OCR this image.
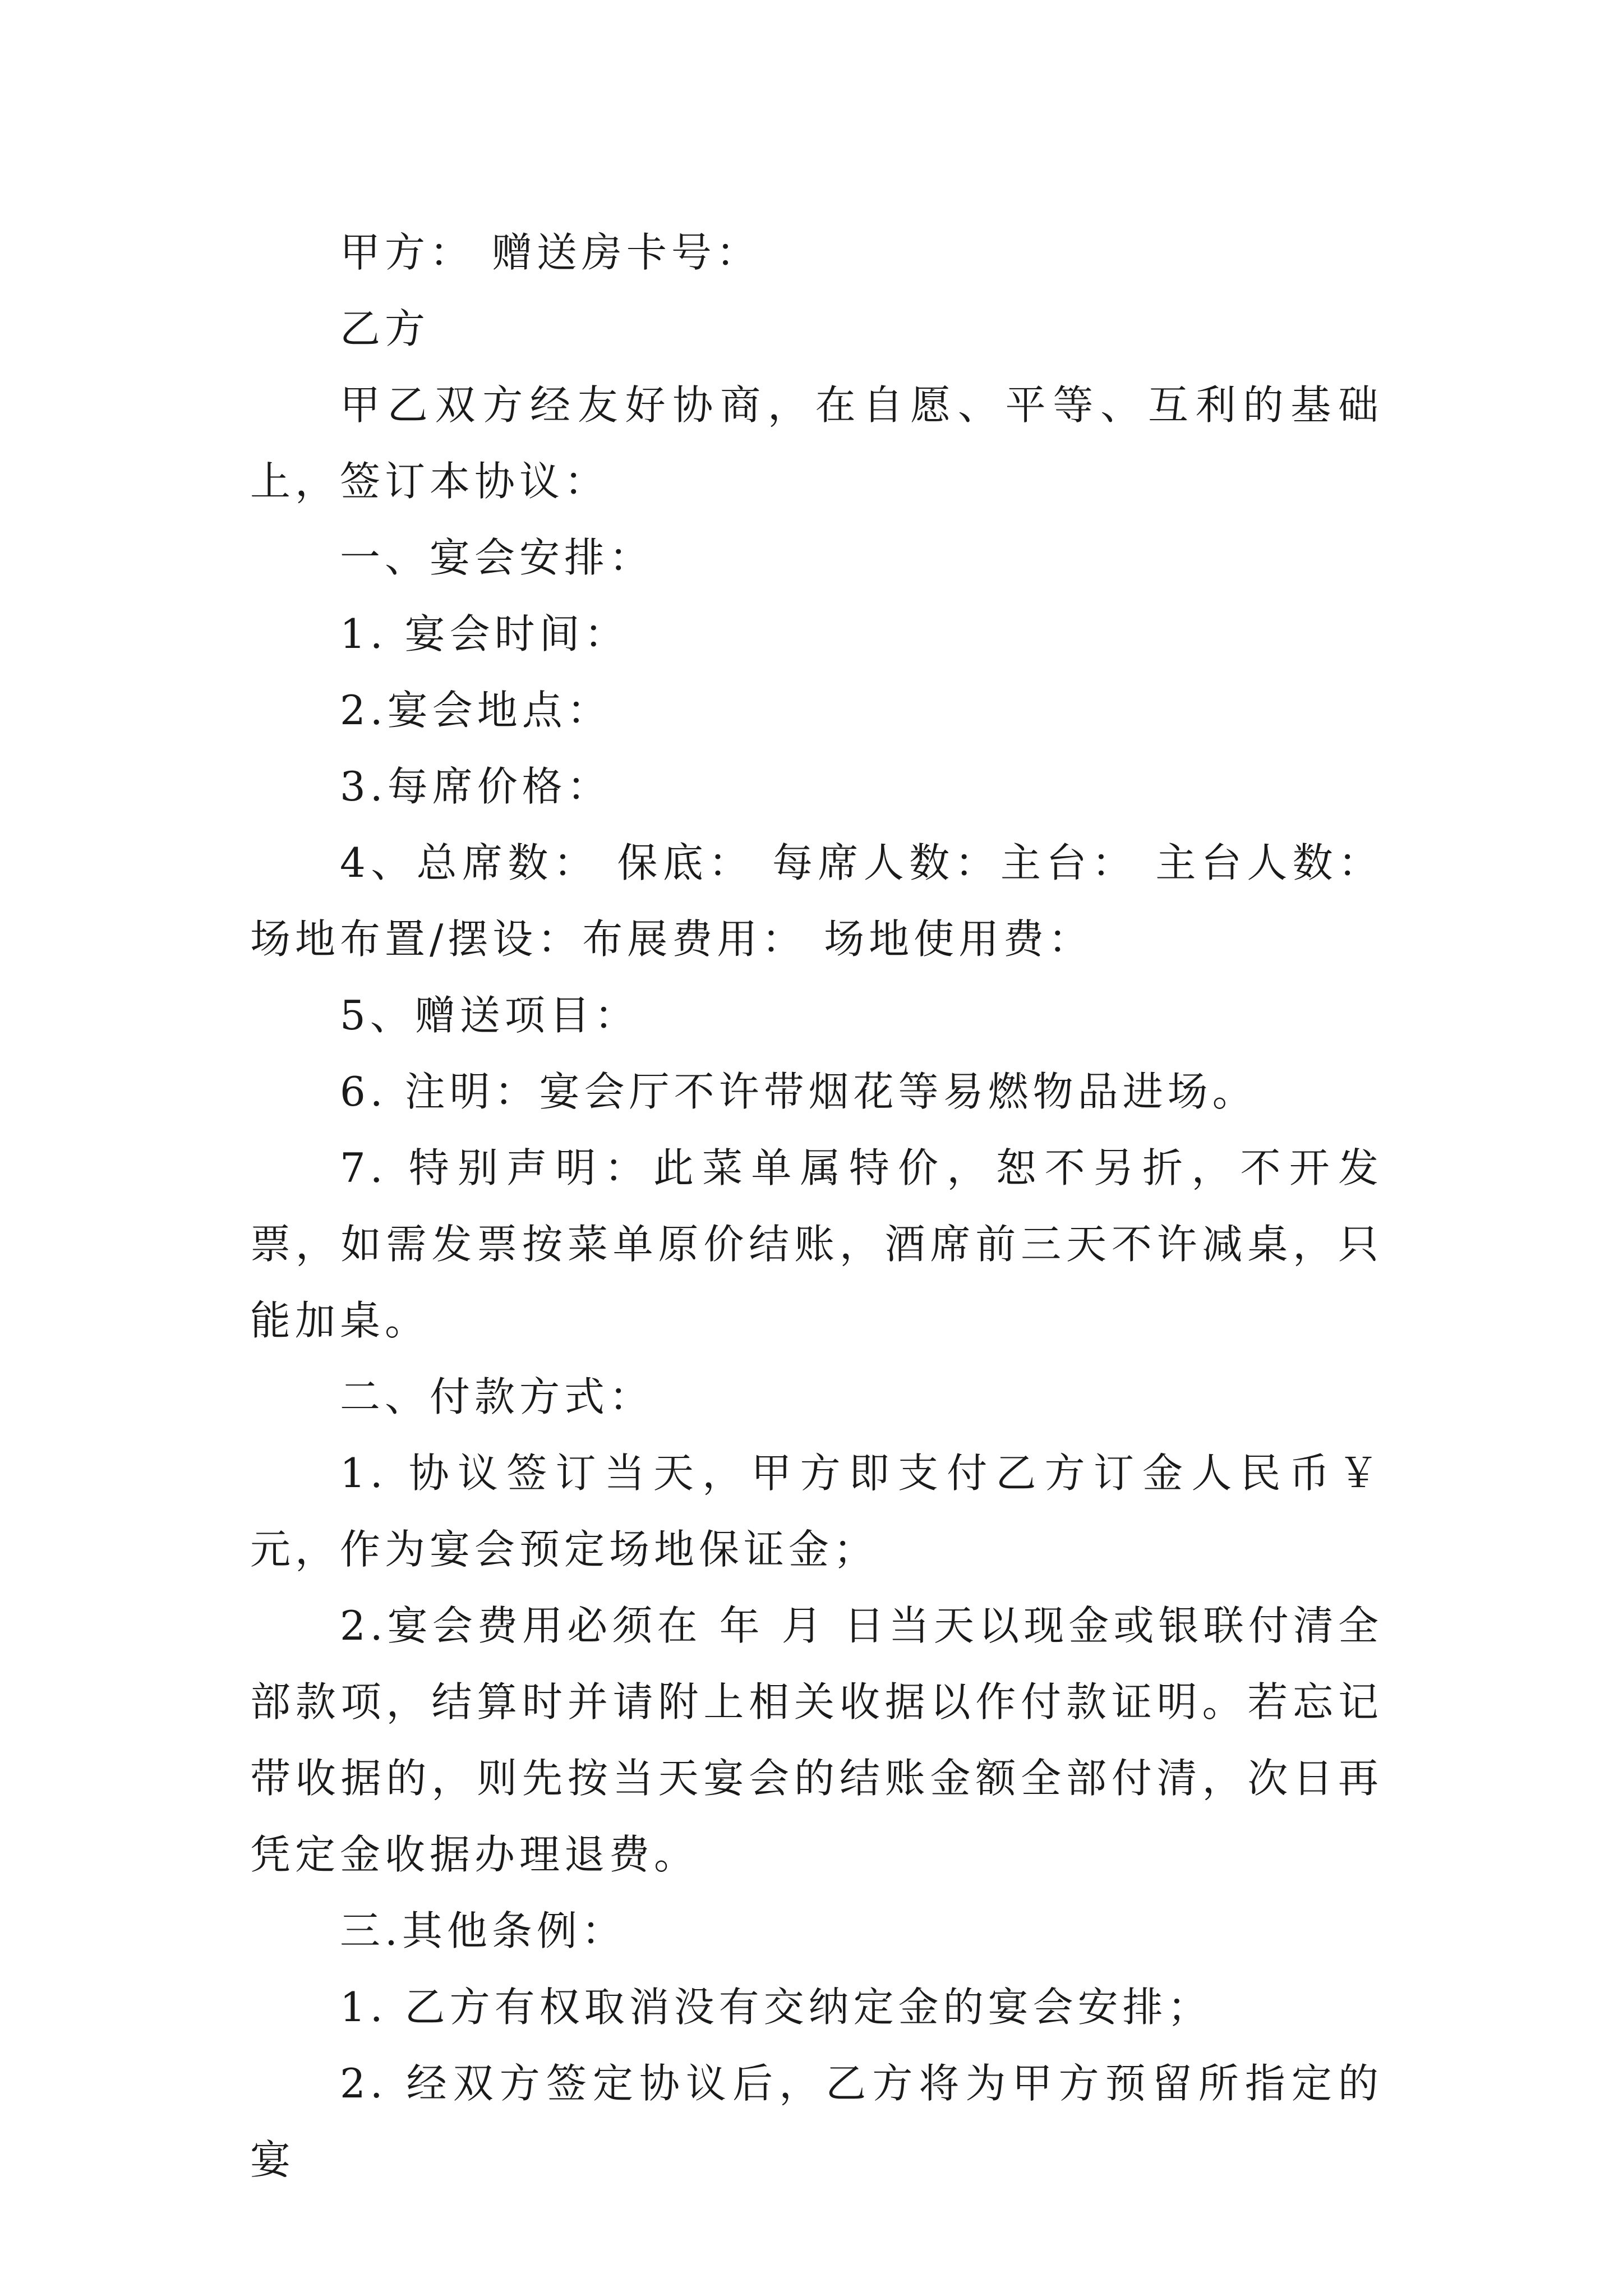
甲方： 赠送房卡号：

乙方

甲乙双方经友好协商，在自愿、平等、互利的基础上，签订本协议：

一、宴会安排：

1. 宴会时间：

2.宴会地点：

3.每席价格：

4、总席数： 保底： 每席人数：主台： 主台人数：场地布置/摆设：布展费用： 场地使用费：

5、赠送项目：

6. 注明：宴会厅不许带烟花等易燃物品进场。

7. 特别声明：此菜单属特价，恕不另折，不开发票，如需发票按菜单原价结账，酒席前三天不许减桌，只能加桌。

二、付款方式：

1. 协议签订当天，甲方即支付乙方订金人民币￥ 元，作为宴会预定场地保证金；

2.宴会费用必须在 年 月 日当天以现金或银联付清全部款项，结算时并请附上相关收据以作付款证明。若忘记带收据的，则先按当天宴会的结账金额全部付清，次日再凭定金收据办理退费。

三.其他条例：

1. 乙方有权取消没有交纳定金的宴会安排；

2. 经双方签定协议后，乙方将为甲方预留所指定的宴
